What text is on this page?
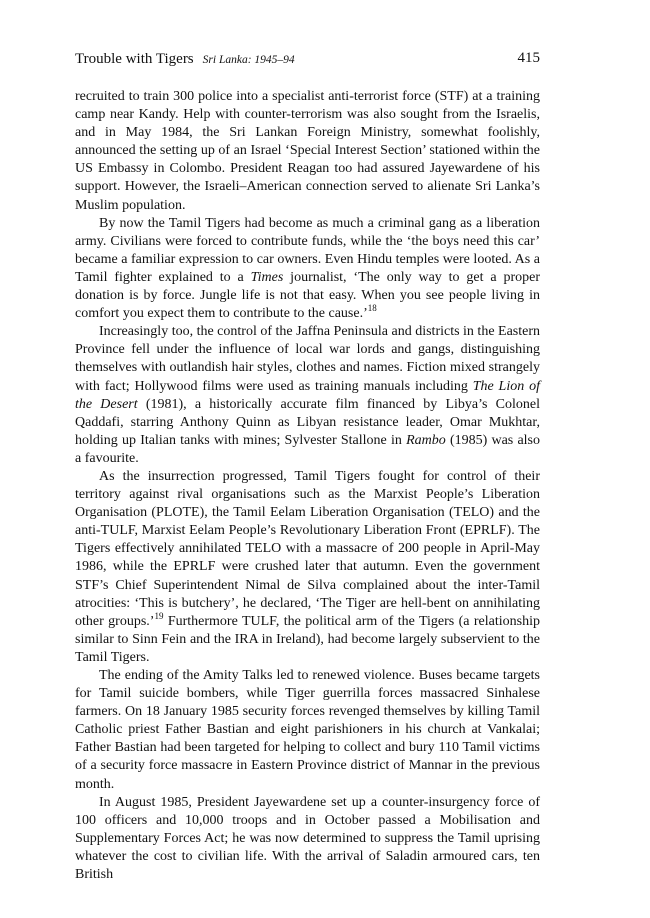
Trouble with Tigers Sri Lanka: 1945–94	415

recruited to train 300 police into a specialist anti-terrorist force (STF) at a training camp near Kandy. Help with counter-terrorism was also sought from the Israelis, and in May 1984, the Sri Lankan Foreign Ministry, somewhat foolishly, announced the setting up of an Israel ‘Special Interest Section’ stationed within the US Embassy in Colombo. President Reagan too had assured Jayewardene of his support. However, the Israeli–American connection served to alienate Sri Lanka’s Muslim population.

By now the Tamil Tigers had become as much a criminal gang as a liberation army. Civilians were forced to contribute funds, while the ‘the boys need this car’ became a familiar expression to car owners. Even Hindu temples were looted. As a Tamil fighter explained to a Times journalist, ‘The only way to get a proper donation is by force. Jungle life is not that easy. When you see people living in comfort you expect them to contribute to the cause.’$^{18}$

Increasingly too, the control of the Jaffna Peninsula and districts in the Eastern Province fell under the influence of local war lords and gangs, distinguishing themselves with outlandish hair styles, clothes and names. Fiction mixed strangely with fact; Hollywood films were used as training manuals including The Lion of the Desert (1981), a historically accurate film financed by Libya’s Colonel Qaddafi, starring Anthony Quinn as Libyan resistance leader, Omar Mukhtar, holding up Italian tanks with mines; Sylvester Stallone in Rambo (1985) was also a favourite.

As the insurrection progressed, Tamil Tigers fought for control of their territory against rival organisations such as the Marxist People’s Liberation Organisation (PLOTE), the Tamil Eelam Liberation Organisation (TELO) and the anti-TULF, Marxist Eelam People’s Revolutionary Liberation Front (EPRLF). The Tigers effectively annihilated TELO with a massacre of 200 people in April-May 1986, while the EPRLF were crushed later that autumn. Even the government STF’s Chief Superintendent Nimal de Silva complained about the inter-Tamil atrocities: ‘This is butchery’, he declared, ‘The Tiger are hell-bent on annihilating other groups.’$^{19}$ Furthermore TULF, the political arm of the Tigers (a relationship similar to Sinn Fein and the IRA in Ireland), had become largely subservient to the Tamil Tigers.

The ending of the Amity Talks led to renewed violence. Buses became targets for Tamil suicide bombers, while Tiger guerrilla forces massacred Sinhalese farmers. On 18 January 1985 security forces revenged themselves by killing Tamil Catholic priest Father Bastian and eight parishioners in his church at Vankalai; Father Bastian had been targeted for helping to collect and bury 110 Tamil victims of a security force massacre in Eastern Province district of Mannar in the previous month.

In August 1985, President Jayewardene set up a counter-insurgency force of 100 officers and 10,000 troops and in October passed a Mobilisation and Supplementary Forces Act; he was now determined to suppress the Tamil uprising whatever the cost to civilian life. With the arrival of Saladin armoured cars, ten British
